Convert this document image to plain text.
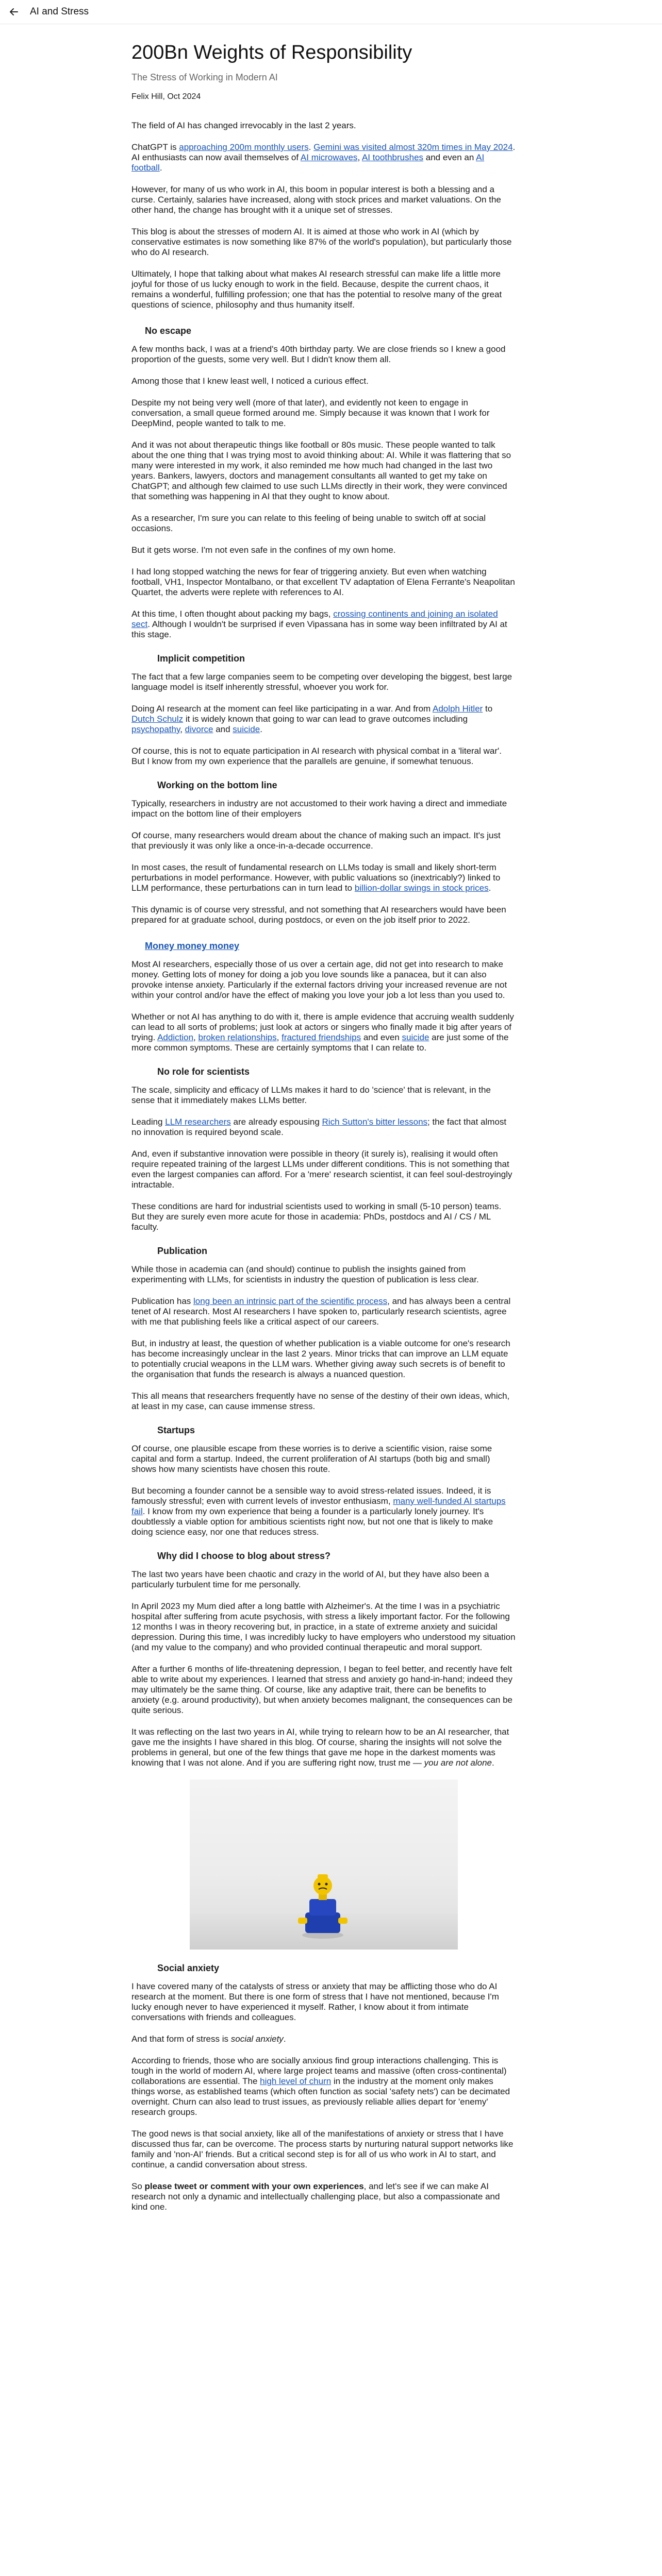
AI and Stress
200Bn Weights of Responsibility
The Stress of Working in Modern AI
Felix Hill, Oct 2024

The field of AI has changed irrevocably in the last 2 years.

ChatGPT is approaching 200m monthly users. Gemini was visited almost 320m times in May 2024. AI enthusiasts can now avail themselves of AI microwaves, AI toothbrushes and even an AI football.

However, for many of us who work in AI, this boom in popular interest is both a blessing and a curse. Certainly, salaries have increased, along with stock prices and market valuations. On the other hand, the change has brought with it a unique set of stresses.

This blog is about the stresses of modern AI. It is aimed at those who work in AI (which by conservative estimates is now something like 87% of the world's population), but particularly those who do AI research.

Ultimately, I hope that talking about what makes AI research stressful can make life a little more joyful for those of us lucky enough to work in the field. Because, despite the current chaos, it remains a wonderful, fulfilling profession; one that has the potential to resolve many of the great questions of science, philosophy and thus humanity itself.

No escape

A few months back, I was at a friend's 40th birthday party. We are close friends so I knew a good proportion of the guests, some very well. But I didn't know them all.

Among those that I knew least well, I noticed a curious effect.

Despite my not being very well (more of that later), and evidently not keen to engage in conversation, a small queue formed around me. Simply because it was known that I work for DeepMind, people wanted to talk to me.

And it was not about therapeutic things like football or 80s music. These people wanted to talk about the one thing that I was trying most to avoid thinking about: AI. While it was flattering that so many were interested in my work, it also reminded me how much had changed in the last two years. Bankers, lawyers, doctors and management consultants all wanted to get my take on ChatGPT; and although few claimed to use such LLMs directly in their work, they were convinced that something was happening in AI that they ought to know about.

As a researcher, I'm sure you can relate to this feeling of being unable to switch off at social occasions.

But it gets worse. I'm not even safe in the confines of my own home.

I had long stopped watching the news for fear of triggering anxiety. But even when watching football, VH1, Inspector Montalbano, or that excellent TV adaptation of Elena Ferrante's Neapolitan Quartet, the adverts were replete with references to AI.

At this time, I often thought about packing my bags, crossing continents and joining an isolated sect. Although I wouldn't be surprised if even Vipassana has in some way been infiltrated by AI at this stage.

Implicit competition

The fact that a few large companies seem to be competing over developing the biggest, best large language model is itself inherently stressful, whoever you work for.

Doing AI research at the moment can feel like participating in a war. And from Adolph Hitler to Dutch Schulz it is widely known that going to war can lead to grave outcomes including psychopathy, divorce and suicide.

Of course, this is not to equate participation in AI research with physical combat in a 'literal war'. But I know from my own experience that the parallels are genuine, if somewhat tenuous.

Working on the bottom line

Typically, researchers in industry are not accustomed to their work having a direct and immediate impact on the bottom line of their employers

Of course, many researchers would dream about the chance of making such an impact. It's just that previously it was only like a once-in-a-decade occurrence.

In most cases, the result of fundamental research on LLMs today is small and likely short-term perturbations in model performance. However, with public valuations so (inextricably?) linked to LLM performance, these perturbations can in turn lead to billion-dollar swings in stock prices.

This dynamic is of course very stressful, and not something that AI researchers would have been prepared for at graduate school, during postdocs, or even on the job itself prior to 2022.

Money money money

Most AI researchers, especially those of us over a certain age, did not get into research to make money. Getting lots of money for doing a job you love sounds like a panacea, but it can also provoke intense anxiety. Particularly if the external factors driving your increased revenue are not within your control and/or have the effect of making you love your job a lot less than you used to.

Whether or not AI has anything to do with it, there is ample evidence that accruing wealth suddenly can lead to all sorts of problems; just look at actors or singers who finally made it big after years of trying. Addiction, broken relationships, fractured friendships and even suicide are just some of the more common symptoms. These are certainly symptoms that I can relate to.

No role for scientists

The scale, simplicity and efficacy of LLMs makes it hard to do 'science' that is relevant, in the sense that it immediately makes LLMs better.

Leading LLM researchers are already espousing Rich Sutton's bitter lessons; the fact that almost no innovation is required beyond scale.

And, even if substantive innovation were possible in theory (it surely is), realising it would often require repeated training of the largest LLMs under different conditions. This is not something that even the largest companies can afford. For a 'mere' research scientist, it can feel soul-destroyingly intractable.

These conditions are hard for industrial scientists used to working in small (5-10 person) teams. But they are surely even more acute for those in academia: PhDs, postdocs and AI / CS / ML faculty.

Publication

While those in academia can (and should) continue to publish the insights gained from experimenting with LLMs, for scientists in industry the question of publication is less clear.

Publication has long been an intrinsic part of the scientific process, and has always been a central tenet of AI research. Most AI researchers I have spoken to, particularly research scientists, agree with me that publishing feels like a critical aspect of our careers.

But, in industry at least, the question of whether publication is a viable outcome for one's research has become increasingly unclear in the last 2 years. Minor tricks that can improve an LLM equate to potentially crucial weapons in the LLM wars. Whether giving away such secrets is of benefit to the organisation that funds the research is always a nuanced question.

This all means that researchers frequently have no sense of the destiny of their own ideas, which, at least in my case, can cause immense stress.

Startups

Of course, one plausible escape from these worries is to derive a scientific vision, raise some capital and form a startup. Indeed, the current proliferation of AI startups (both big and small) shows how many scientists have chosen this route.

But becoming a founder cannot be a sensible way to avoid stress-related issues. Indeed, it is famously stressful; even with current levels of investor enthusiasm, many well-funded AI startups fail. I know from my own experience that being a founder is a particularly lonely journey. It's doubtlessly a viable option for ambitious scientists right now, but not one that is likely to make doing science easy, nor one that reduces stress.

Why did I choose to blog about stress?

The last two years have been chaotic and crazy in the world of AI, but they have also been a particularly turbulent time for me personally.

In April 2023 my Mum died after a long battle with Alzheimer's. At the time I was in a psychiatric hospital after suffering from acute psychosis, with stress a likely important factor. For the following 12 months I was in theory recovering but, in practice, in a state of extreme anxiety and suicidal depression. During this time, I was incredibly lucky to have employers who understood my situation (and my value to the company) and who provided continual therapeutic and moral support.

After a further 6 months of life-threatening depression, I began to feel better, and recently have felt able to write about my experiences. I learned that stress and anxiety go hand-in-hand; indeed they may ultimately be the same thing. Of course, like any adaptive trait, there can be benefits to anxiety (e.g. around productivity), but when anxiety becomes malignant, the consequences can be quite serious.

It was reflecting on the last two years in AI, while trying to relearn how to be an AI researcher, that gave me the insights I have shared in this blog. Of course, sharing the insights will not solve the problems in general, but one of the few things that gave me hope in the darkest moments was knowing that I was not alone. And if you are suffering right now, trust me — you are not alone.

Social anxiety

I have covered many of the catalysts of stress or anxiety that may be afflicting those who do AI research at the moment. But there is one form of stress that I have not mentioned, because I'm lucky enough never to have experienced it myself. Rather, I know about it from intimate conversations with friends and colleagues.

And that form of stress is social anxiety.

According to friends, those who are socially anxious find group interactions challenging. This is tough in the world of modern AI, where large project teams and massive (often cross-continental) collaborations are essential. The high level of churn in the industry at the moment only makes things worse, as established teams (which often function as social 'safety nets') can be decimated overnight. Churn can also lead to trust issues, as previously reliable allies depart for 'enemy' research groups.

The good news is that social anxiety, like all of the manifestations of anxiety or stress that I have discussed thus far, can be overcome. The process starts by nurturing natural support networks like family and 'non-AI' friends. But a critical second step is for all of us who work in AI to start, and continue, a candid conversation about stress.

So please tweet or comment with your own experiences, and let's see if we can make AI research not only a dynamic and intellectually challenging place, but also a compassionate and kind one.
